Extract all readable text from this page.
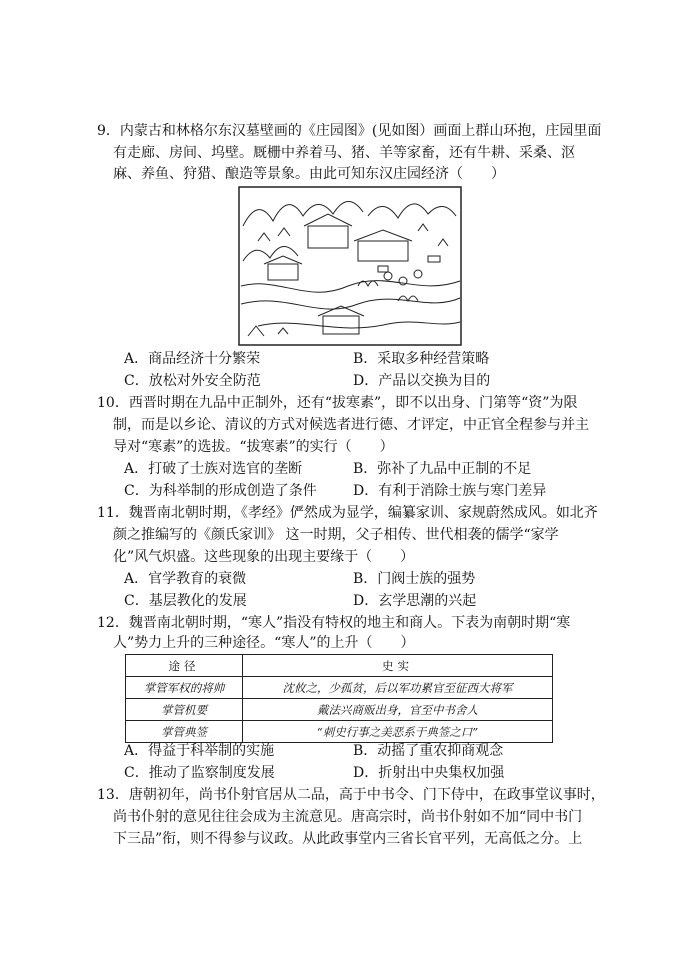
9．内蒙古和林格尔东汉墓壁画的《庄园图》(见如图）画面上群山环抱，庄园里面
有走廊、房间、坞壁。厩栅中养着马、猪、羊等家畜，还有牛耕、采桑、沤
麻、养鱼、狩猎、酿造等景象。由此可知东汉庄园经济（　　）
A．商品经济十分繁荣	B．采取多种经营策略
C．放松对外安全防范	D．产品以交换为目的
10．西晋时期在九品中正制外，还有“拔寒素”，即不以出身、门第等“资”为限
制，而是以乡论、清议的方式对候选者进行德、才评定，中正官全程参与并主
导对“寒素”的选拔。“拔寒素”的实行（　　）
A．打破了士族对选官的垄断	B．弥补了九品中正制的不足
C．为科举制的形成创造了条件	D．有利于消除士族与寒门差异
11．魏晋南北朝时期，《孝经》俨然成为显学，编纂家训、家规蔚然成风。如北齐
颜之推编写的《颜氏家训》 这一时期，父子相传、世代相袭的儒学“家学
化”风气炽盛。这些现象的出现主要缘于（　　）
A．官学教育的衰微	B．门阀士族的强势
C．基层教化的发展	D．玄学思潮的兴起
12．魏晋南北朝时期，“寒人”指没有特权的地主和商人。下表为南朝时期“寒
人”势力上升的三种途径。“寒人”的上升（　　）
途径	史实
掌管军权的将帅	沈攸之，少孤贫，后以军功累官至征西大将军
掌管机要	戴法兴商贩出身，官至中书舍人
掌管典签	“刺史行事之美恶系于典签之口”
A．得益于科举制的实施	B．动摇了重农抑商观念
C．推动了监察制度发展	D．折射出中央集权加强
13．唐朝初年，尚书仆射官居从二品，高于中书令、门下侍中，在政事堂议事时，
尚书仆射的意见往往会成为主流意见。唐高宗时，尚书仆射如不加“同中书门
下三品”衔，则不得参与议政。从此政事堂内三省长官平列，无高低之分。上
